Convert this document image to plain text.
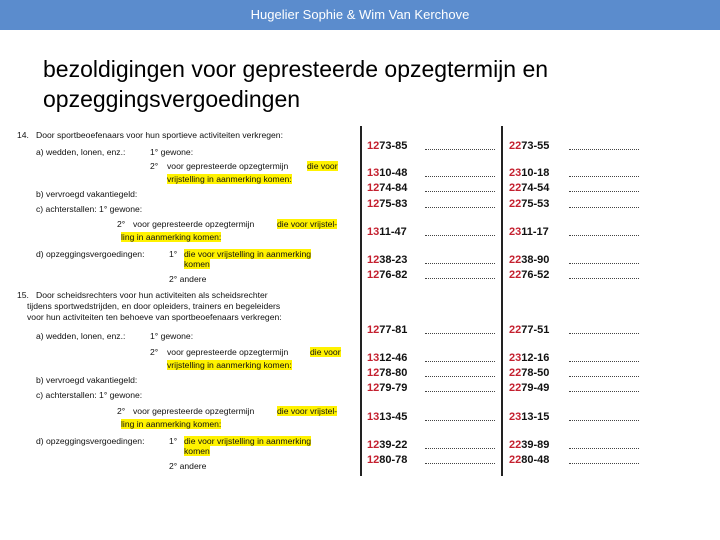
Hugelier Sophie & Wim Van Kerchove
bezoldigingen voor gepresteerde opzegtermijn en opzeggingsvergoedingen
14. Door sportbeoefenaars voor hun sportieve activiteiten verkregen:
a) wedden, lonen, enz.:	1° gewone:
2° voor gepresteerde opzegtermijn die voor
vrijstelling in aanmerking komen:
b) vervroegd vakantiegeld:
c) achterstallen: 1° gewone:
2° voor gepresteerde opzegtermijn	die voor vrijstel-
ling in aanmerking komen:
d) opzeggingsvergoedingen:	1° die voor vrijstelling in aanmerking
komen
2° andere
15. Door scheidsrechters voor hun activiteiten als scheidsrechter
tijdens sportwedstrijden, en door opleiders, trainers en begeleiders
voor hun activiteiten ten behoeve van sportbeoefenaars verkregen:
a) wedden, lonen, enz.:	1° gewone:
2° voor gepresteerde opzegtermijn	die voor
vrijstelling in aanmerking komen:
b) vervroegd vakantiegeld:
c) achterstallen: 1° gewone:
2° voor gepresteerde opzegtermijn	die voor vrijstel-
ling in aanmerking komen:
d) opzeggingsvergoedingen:	1° die voor vrijstelling in aanmerking
komen
2° andere
1273-85	2273-55
1310-48	2310-18
1274-84	2274-54
1275-83	2275-53
1311-47	2311-17
1238-23	2238-90
1276-82	2276-52
1277-81	2277-51
1312-46	2312-16
1278-80	2278-50
1279-79	2279-49
1313-45	2313-15
1239-22	2239-89
1280-78	2280-48
